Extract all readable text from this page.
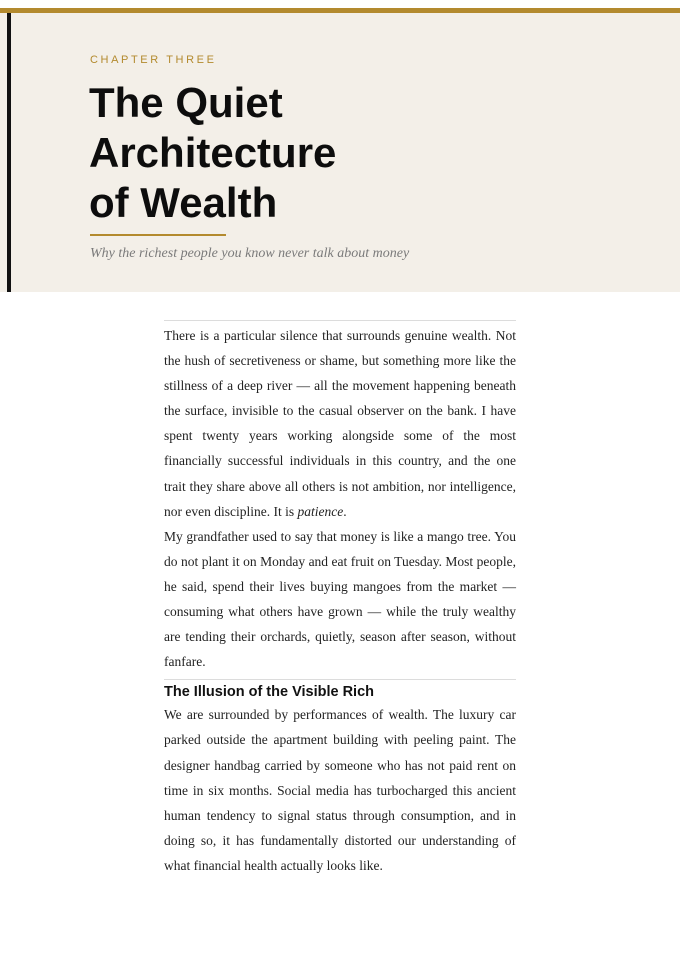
CHAPTER THREE
The Quiet
Architecture
of Wealth
Why the richest people you know never talk about money

There is a particular silence that surrounds genuine wealth. Not the hush of secretiveness or shame, but something more like the stillness of a deep river — all the movement happening beneath the surface, invisible to the casual observer on the bank. I have spent twenty years working alongside some of the most financially successful individuals in this country, and the one trait they share above all others is not ambition, nor intelligence, nor even discipline. It is patience.

My grandfather used to say that money is like a mango tree. You do not plant it on Monday and eat fruit on Tuesday. Most people, he said, spend their lives buying mangoes from the market — consuming what others have grown — while the truly wealthy are tending their orchards, quietly, season after season, without fanfare.

The Illusion of the Visible Rich

We are surrounded by performances of wealth. The luxury car parked outside the apartment building with peeling paint. The designer handbag carried by someone who has not paid rent on time in six months. Social media has turbocharged this ancient human tendency to signal status through consumption, and in doing so, it has fundamentally distorted our understanding of what financial health actually looks like.
